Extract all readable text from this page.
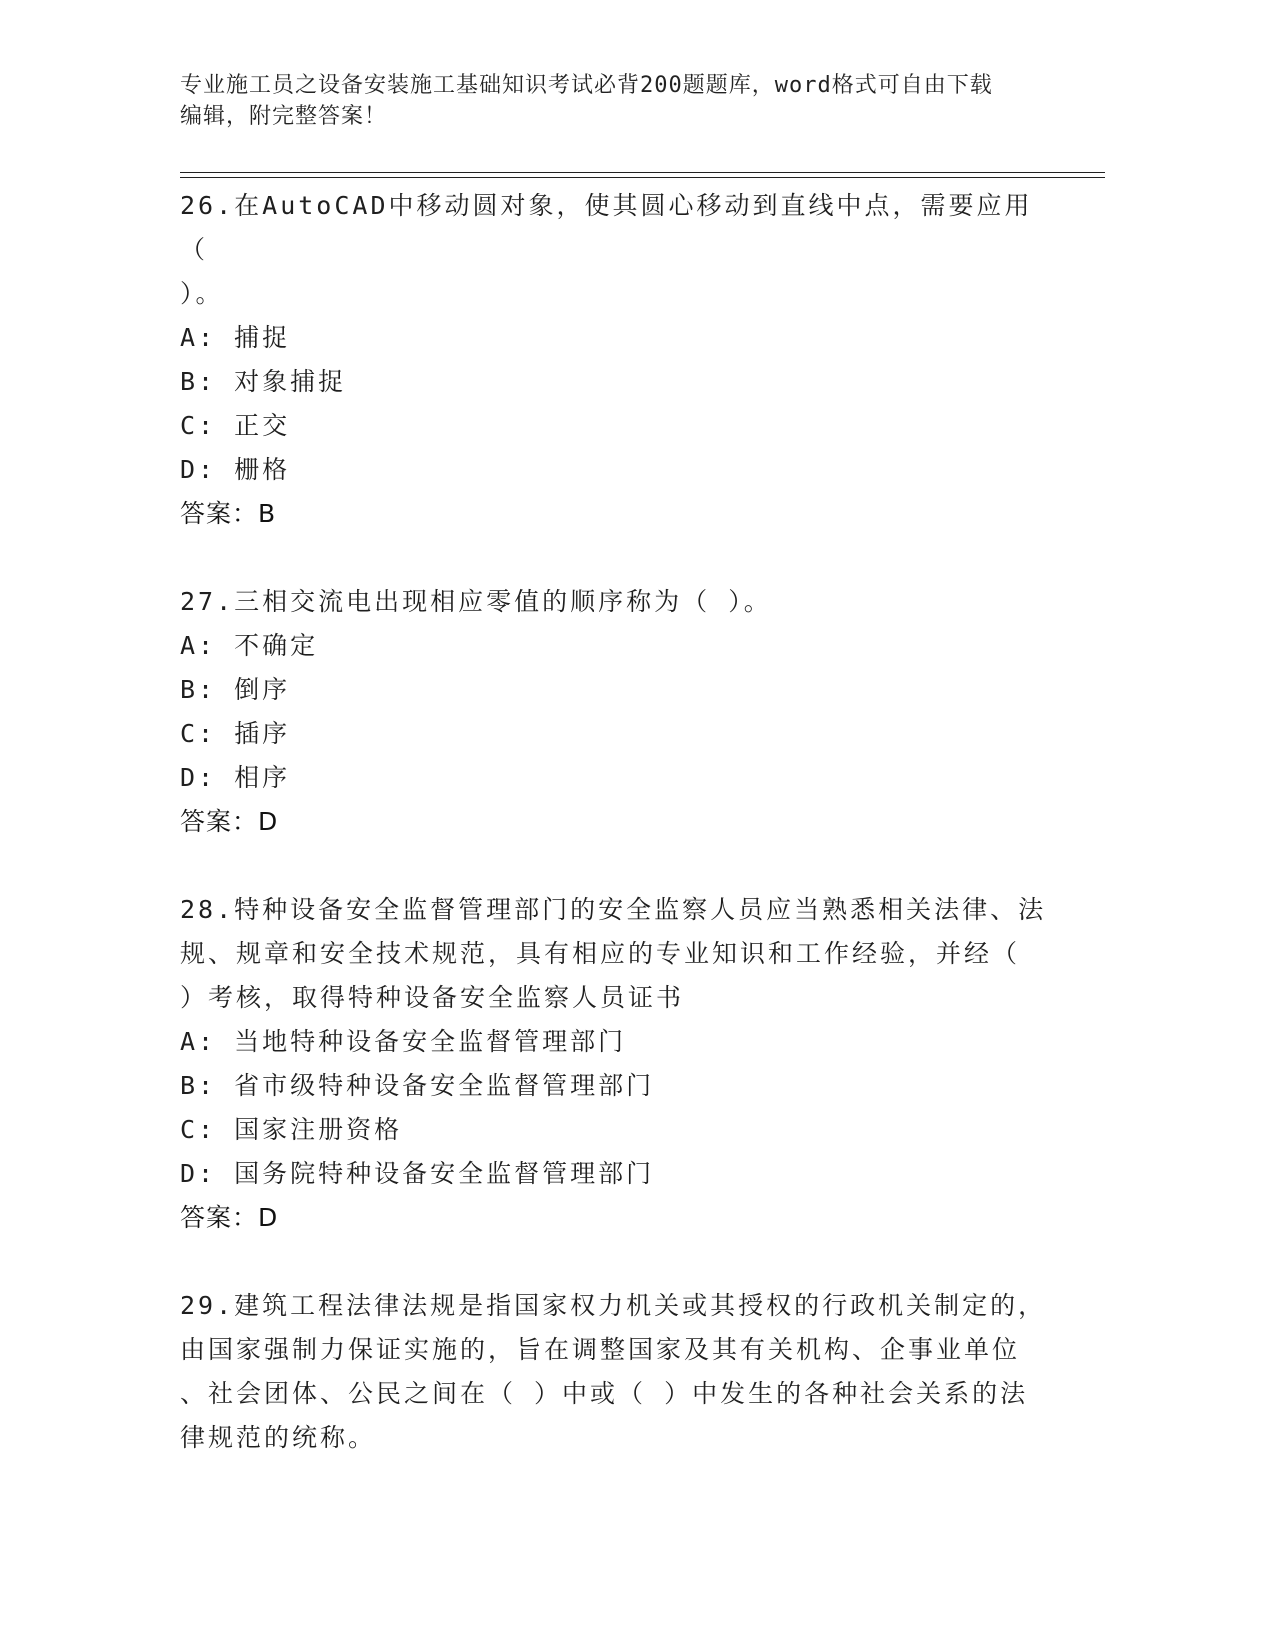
专业施工员之设备安装施工基础知识考试必背200题题库，word格式可自由下载
编辑，附完整答案！
26.在AutoCAD中移动圆对象，使其圆心移动到直线中点，需要应用（
）。
A: 捕捉
B: 对象捕捉
C: 正交
D: 栅格
答案：B
27.三相交流电出现相应零值的顺序称为（ ）。
A: 不确定
B: 倒序
C: 插序
D: 相序
答案：D
28.特种设备安全监督管理部门的安全监察人员应当熟悉相关法律、法
规、规章和安全技术规范，具有相应的专业知识和工作经验，并经（
）考核，取得特种设备安全监察人员证书
A: 当地特种设备安全监督管理部门
B: 省市级特种设备安全监督管理部门
C: 国家注册资格
D: 国务院特种设备安全监督管理部门
答案：D
29.建筑工程法律法规是指国家权力机关或其授权的行政机关制定的，
由国家强制力保证实施的，旨在调整国家及其有关机构、企事业单位
、社会团体、公民之间在（ ）中或（ ）中发生的各种社会关系的法
律规范的统称。
